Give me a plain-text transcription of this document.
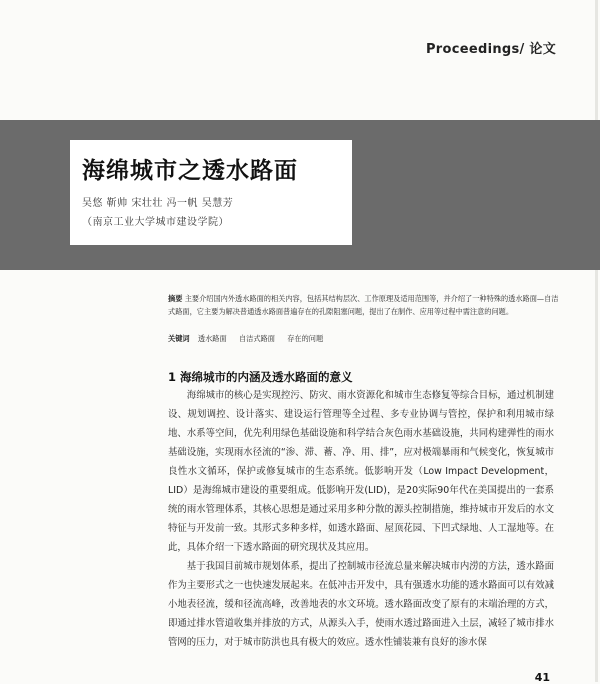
Proceedings/ 论文
海绵城市之透水路面

吴悠 靳帅 宋壮壮 冯一帆 吴慧芳

（南京工业大学城市建设学院）

摘要 主要介绍国内外透水路面的相关内容，包括其结构层次、工作原理及适用范围等，并介绍了一种特殊的透水路面—自洁式路面，它主要为解决普通透水路面普遍存在的孔隙阻塞问题，提出了在制作、应用等过程中需注意的问题。
关键词 透水路面 自洁式路面 存在的问题
1 海绵城市的内涵及透水路面的意义

海绵城市的核心是实现控污、防灾、雨水资源化和城市生态修复等综合目标，通过机制建设、规划调控、设计落实、建设运行管理等全过程、多专业协调与管控，保护和利用城市绿地、水系等空间，优先利用绿色基础设施和科学结合灰色雨水基础设施，共同构建弹性的雨水基础设施，实现雨水径流的“渗、滞、蓄、净、用、排”，应对极端暴雨和气候变化，恢复城市良性水文循环，保护或修复城市的生态系统。低影响开发（Low Impact Development，LID）是海绵城市建设的重要组成。低影响开发(LID)，是20实际90年代在美国提出的一套系统的雨水管理体系，其核心思想是通过采用多种分散的源头控制措施，维持城市开发后的水文特征与开发前一致。其形式多种多样，如透水路面、屋顶花园、下凹式绿地、人工湿地等。在此，具体介绍一下透水路面的研究现状及其应用。

基于我国目前城市规划体系，提出了控制城市径流总量来解决城市内涝的方法，透水路面作为主要形式之一也快速发展起来。在低冲击开发中，具有强透水功能的透水路面可以有效减小地表径流，缓和径流高峰，改善地表的水文环境。透水路面改变了原有的末端治理的方式，即通过排水管道收集并排放的方式，从源头入手，使雨水透过路面进入土层，减轻了城市排水管网的压力，对于城市防洪也具有极大的效应。透水性铺装兼有良好的渗水保

41
